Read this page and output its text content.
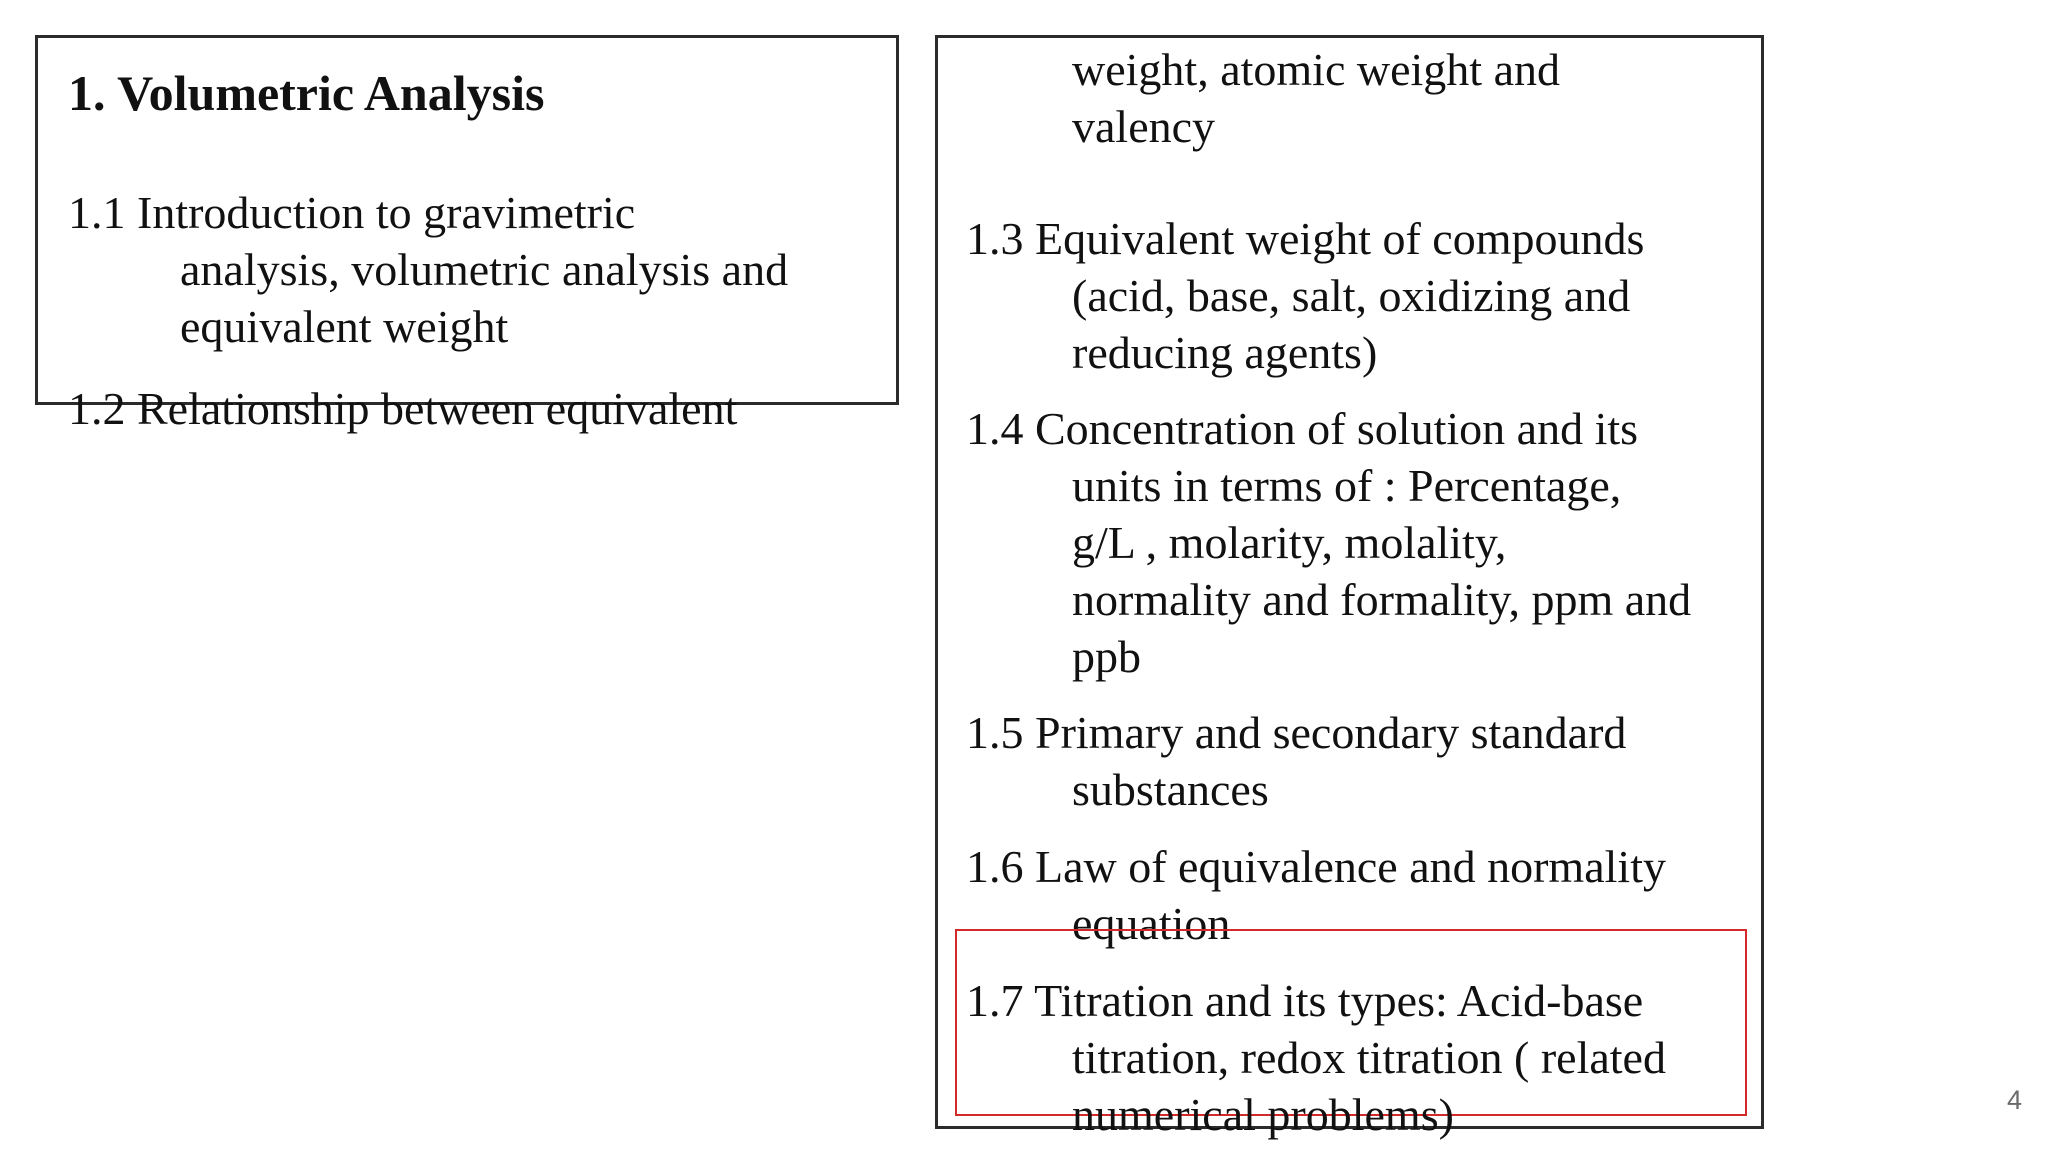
1. Volumetric Analysis
1.1 Introduction to gravimetric
analysis, volumetric analysis and
equivalent weight
1.2 Relationship between equivalent
weight, atomic weight and
valency
1.3 Equivalent weight of compounds
(acid, base, salt, oxidizing and
reducing agents)
1.4 Concentration of solution and its
units in terms of : Percentage,
g/L , molarity, molality,
normality and formality, ppm and
ppb
1.5 Primary and secondary standard
substances
1.6 Law of equivalence and normality
equation
1.7 Titration and its types: Acid-base
titration, redox titration ( related
numerical problems)	4
